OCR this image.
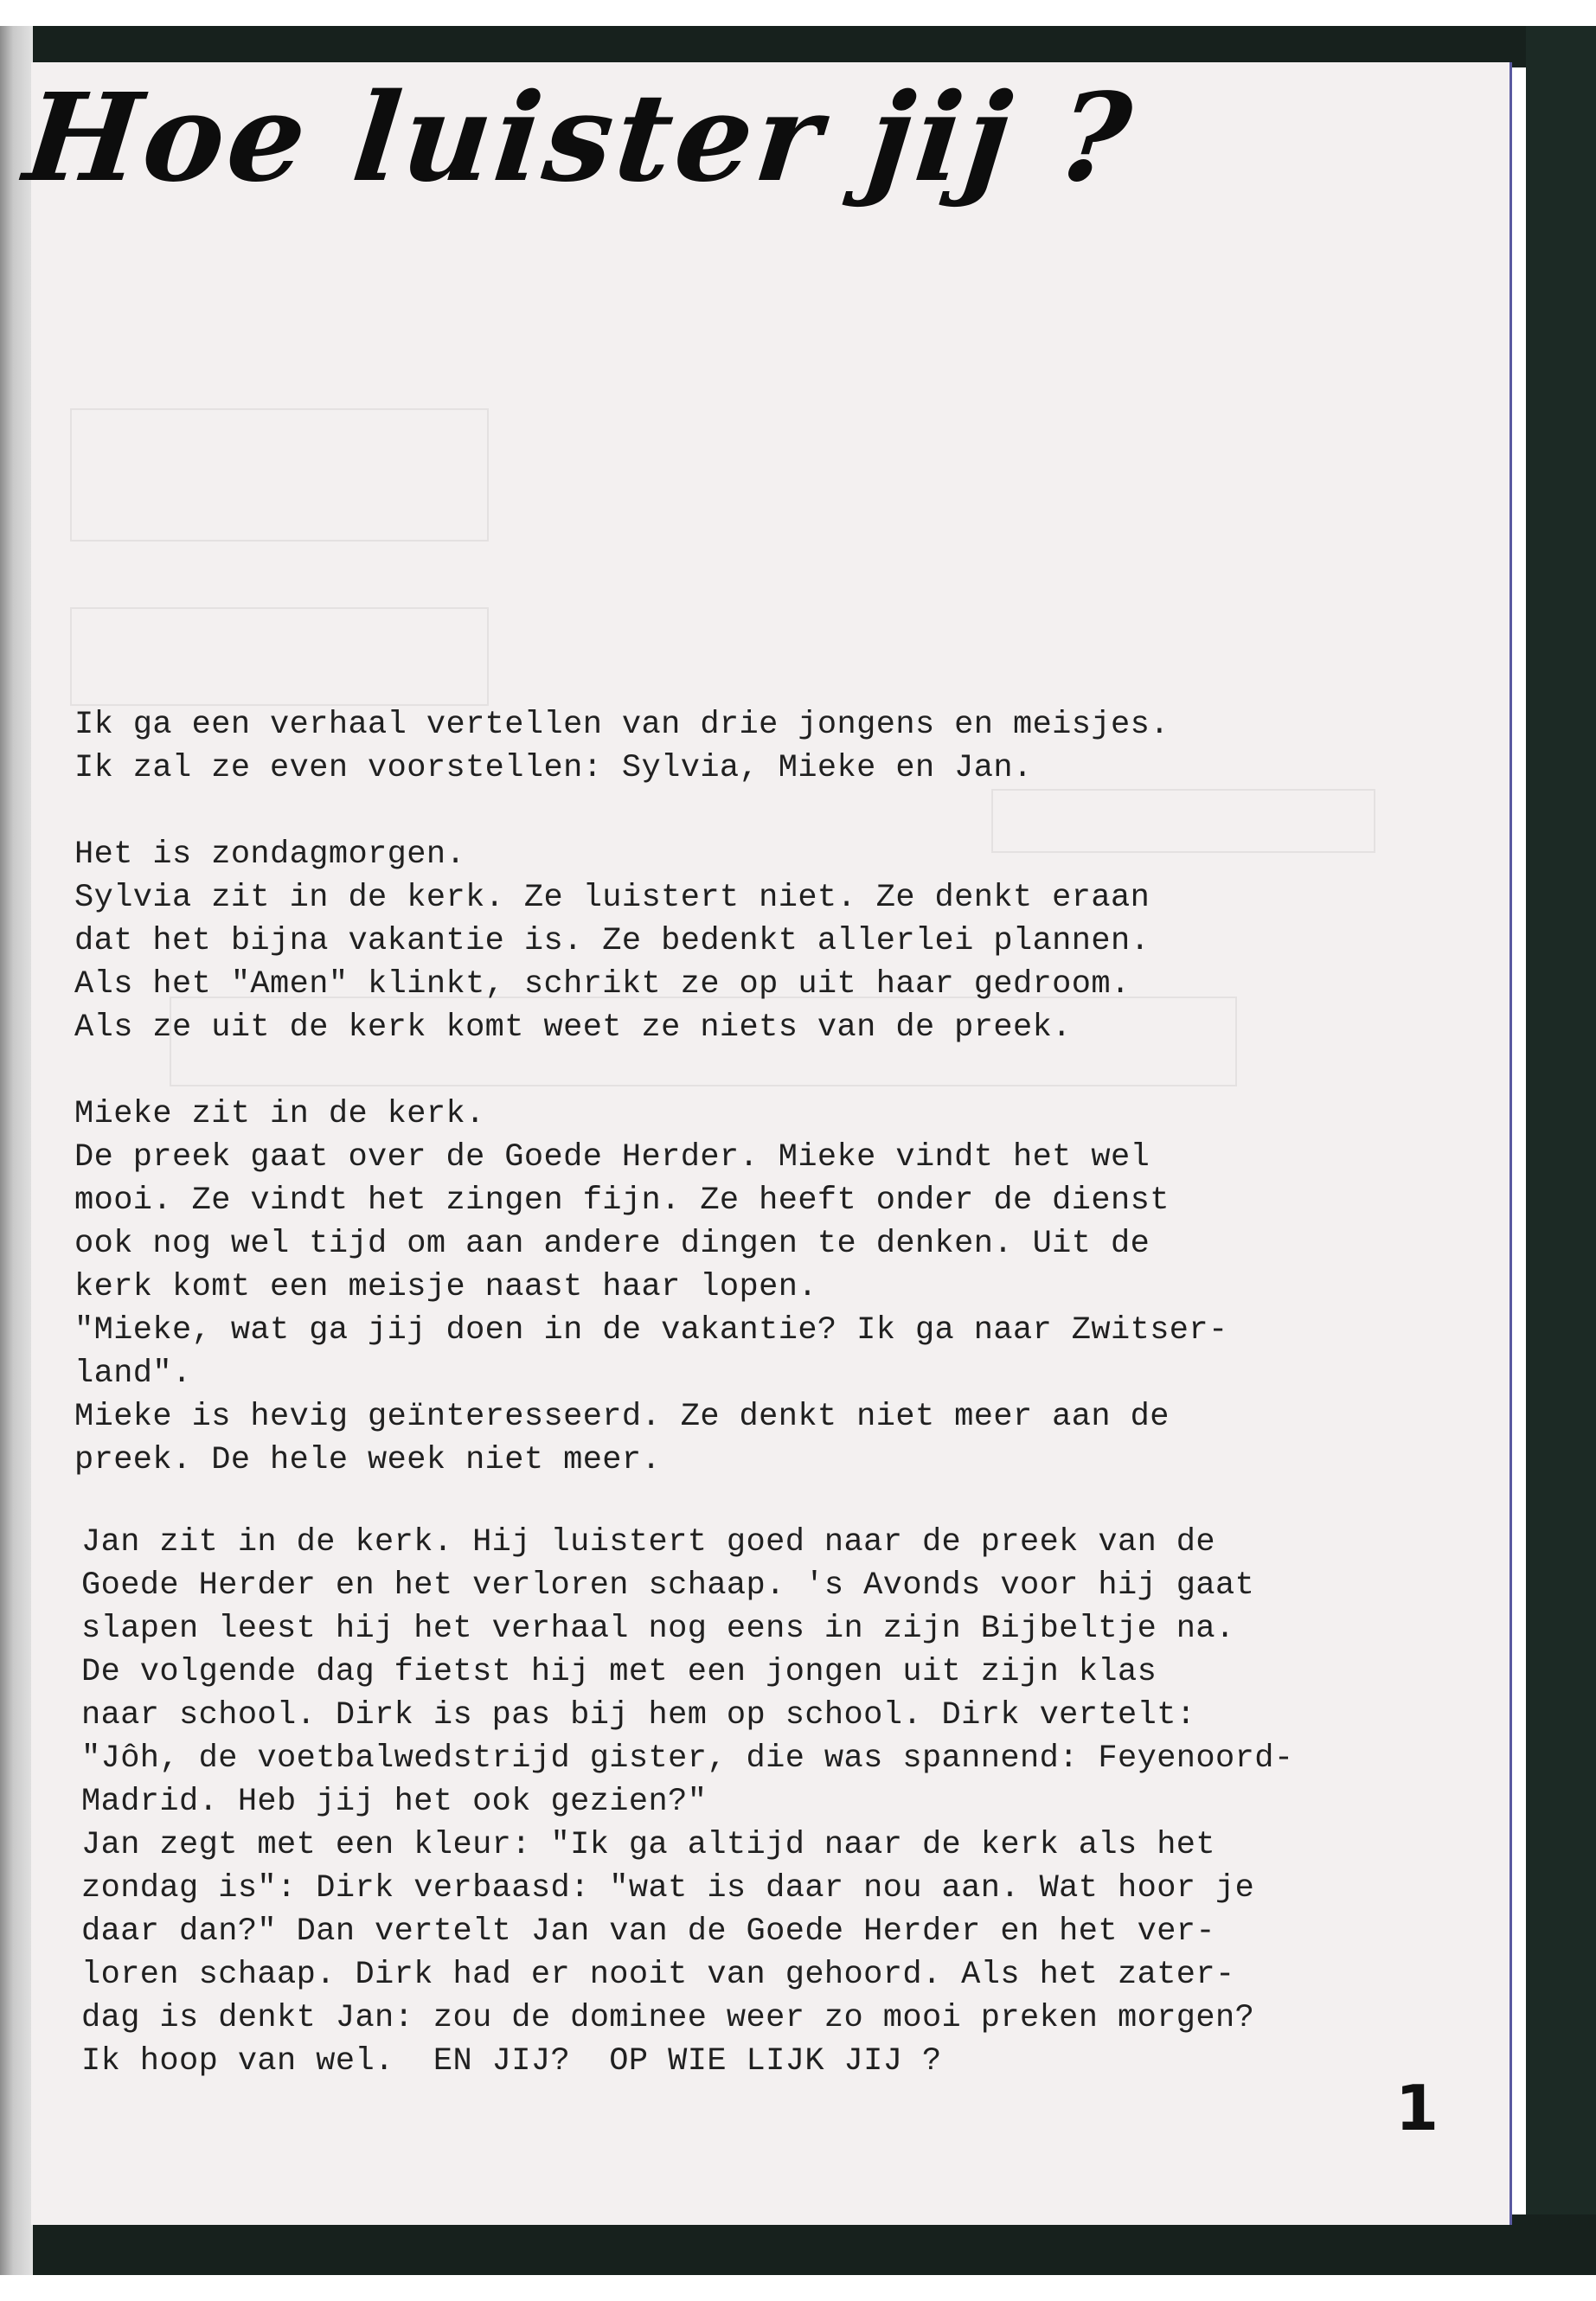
Hoe luister jij ?

Ik ga een verhaal vertellen van drie jongens en meisjes.

Ik zal ze even voorstellen: Sylvia, Mieke en Jan.

Het is zondagmorgen.

Sylvia zit in de kerk. Ze luistert niet. Ze denkt eraan

dat het bijna vakantie is. Ze bedenkt allerlei plannen.

Als het "Amen" klinkt, schrikt ze op uit haar gedroom.

Als ze uit de kerk komt weet ze niets van de preek.

Mieke zit in de kerk.

De preek gaat over de Goede Herder. Mieke vindt het wel

mooi. Ze vindt het zingen fijn. Ze heeft onder de dienst

ook nog wel tijd om aan andere dingen te denken. Uit de

kerk komt een meisje naast haar lopen.

"Mieke, wat ga jij doen in de vakantie? Ik ga naar Zwitser-

land".

Mieke is hevig geïnteresseerd. Ze denkt niet meer aan de

preek. De hele week niet meer.

Jan zit in de kerk. Hij luistert goed naar de preek van de

Goede Herder en het verloren schaap. 's Avonds voor hij gaat

slapen leest hij het verhaal nog eens in zijn Bijbeltje na.

De volgende dag fietst hij met een jongen uit zijn klas

naar school. Dirk is pas bij hem op school. Dirk vertelt:

"Jôh, de voetbalwedstrijd gister, die was spannend: Feyenoord-

Madrid. Heb jij het ook gezien?"

Jan zegt met een kleur: "Ik ga altijd naar de kerk als het

zondag is": Dirk verbaasd: "wat is daar nou aan. Wat hoor je

daar dan?" Dan vertelt Jan van de Goede Herder en het ver-

loren schaap. Dirk had er nooit van gehoord. Als het zater-

dag is denkt Jan: zou de dominee weer zo mooi preken morgen?

Ik hoop van wel.  EN JIJ?  OP WIE LIJK JIJ ?

1
